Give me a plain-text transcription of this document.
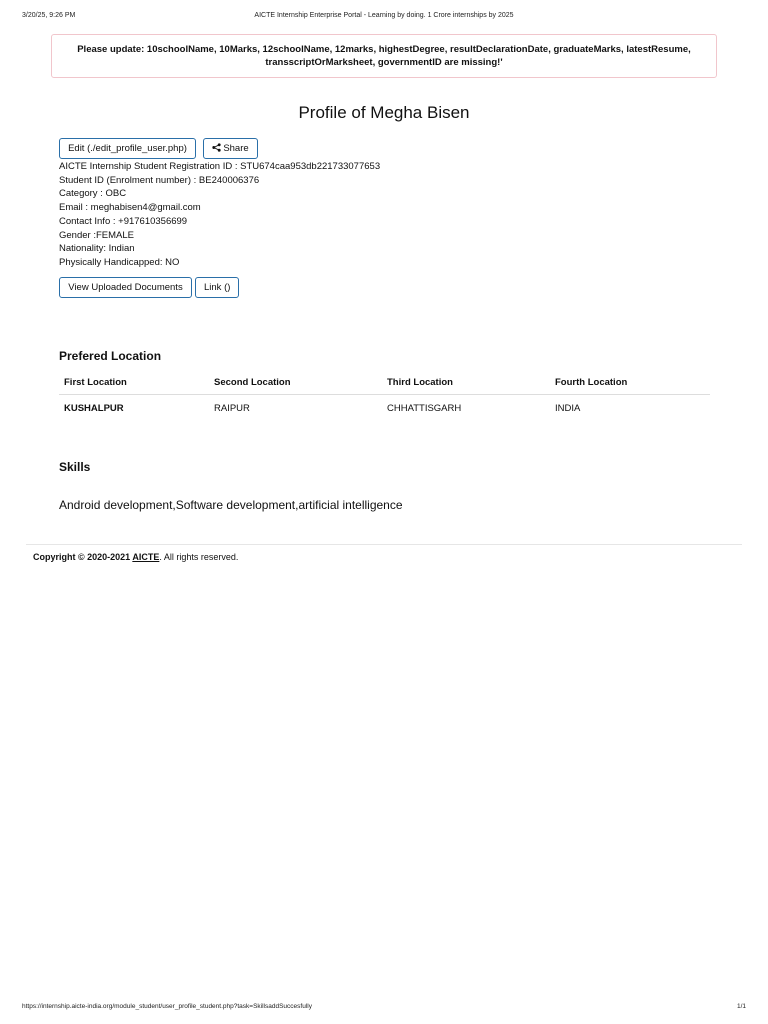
3/20/25, 9:26 PM	AICTE Internship Enterprise Portal - Learning by doing. 1 Crore internships by 2025
Please update: 10schoolName, 10Marks, 12schoolName, 12marks, highestDegree, resultDeclarationDate, graduateMarks, latestResume, transscriptOrMarksheet, governmentID are missing!'
Profile of Megha Bisen
Edit (./edit_profile_user.php)	Share
AICTE Internship Student Registration ID : STU674caa953db221733077653
Student ID (Enrolment number) : BE240006376
Category : OBC
Email : meghabisen4@gmail.com
Contact Info : +917610356699
Gender :FEMALE
Nationality: Indian
Physically Handicapped: NO
View Uploaded Documents	Link ()
Prefered Location
First Location	Second Location	Third Location	Fourth Location
KUSHALPUR	RAIPUR	CHHATTISGARH	INDIA
Skills
Android development,Software development,artificial intelligence
Copyright © 2020-2021 AICTE. All rights reserved.
https://internship.aicte-india.org/module_student/user_profile_student.php?task=SkillsaddSuccesfully	1/1
